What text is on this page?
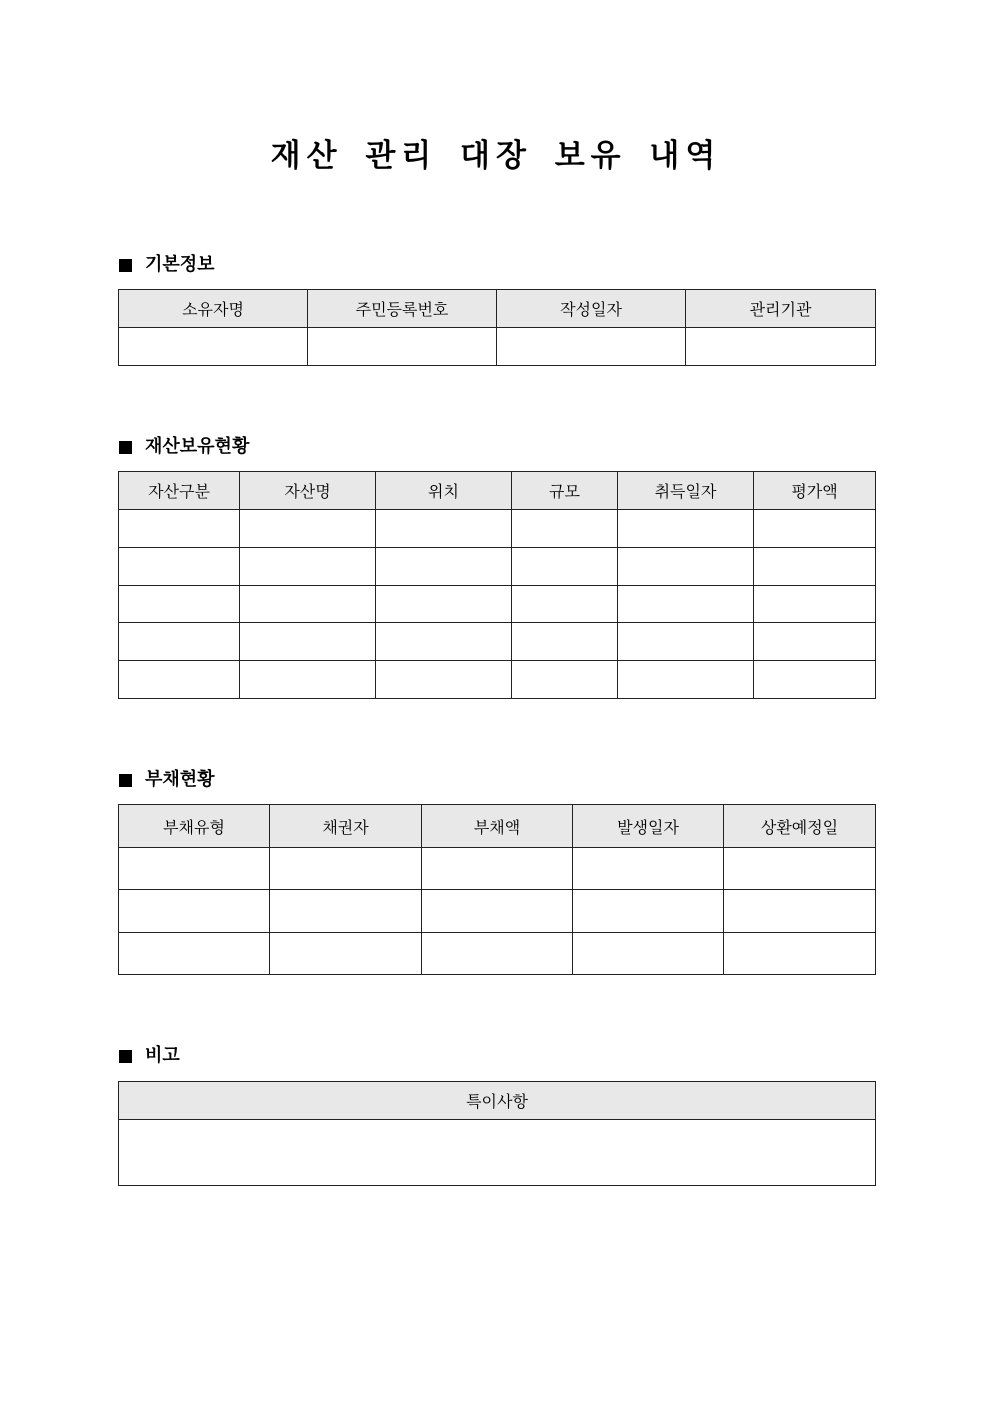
재산 관리 대장 보유 내역
기본정보
소유자명	주민등록번호	작성일자	관리기관

재산보유현황
자산구분	자산명	위치	규모	취득일자	평가액

부채현황
부채유형	채권자	부채액	발생일자	상환예정일

비고
특이사항
